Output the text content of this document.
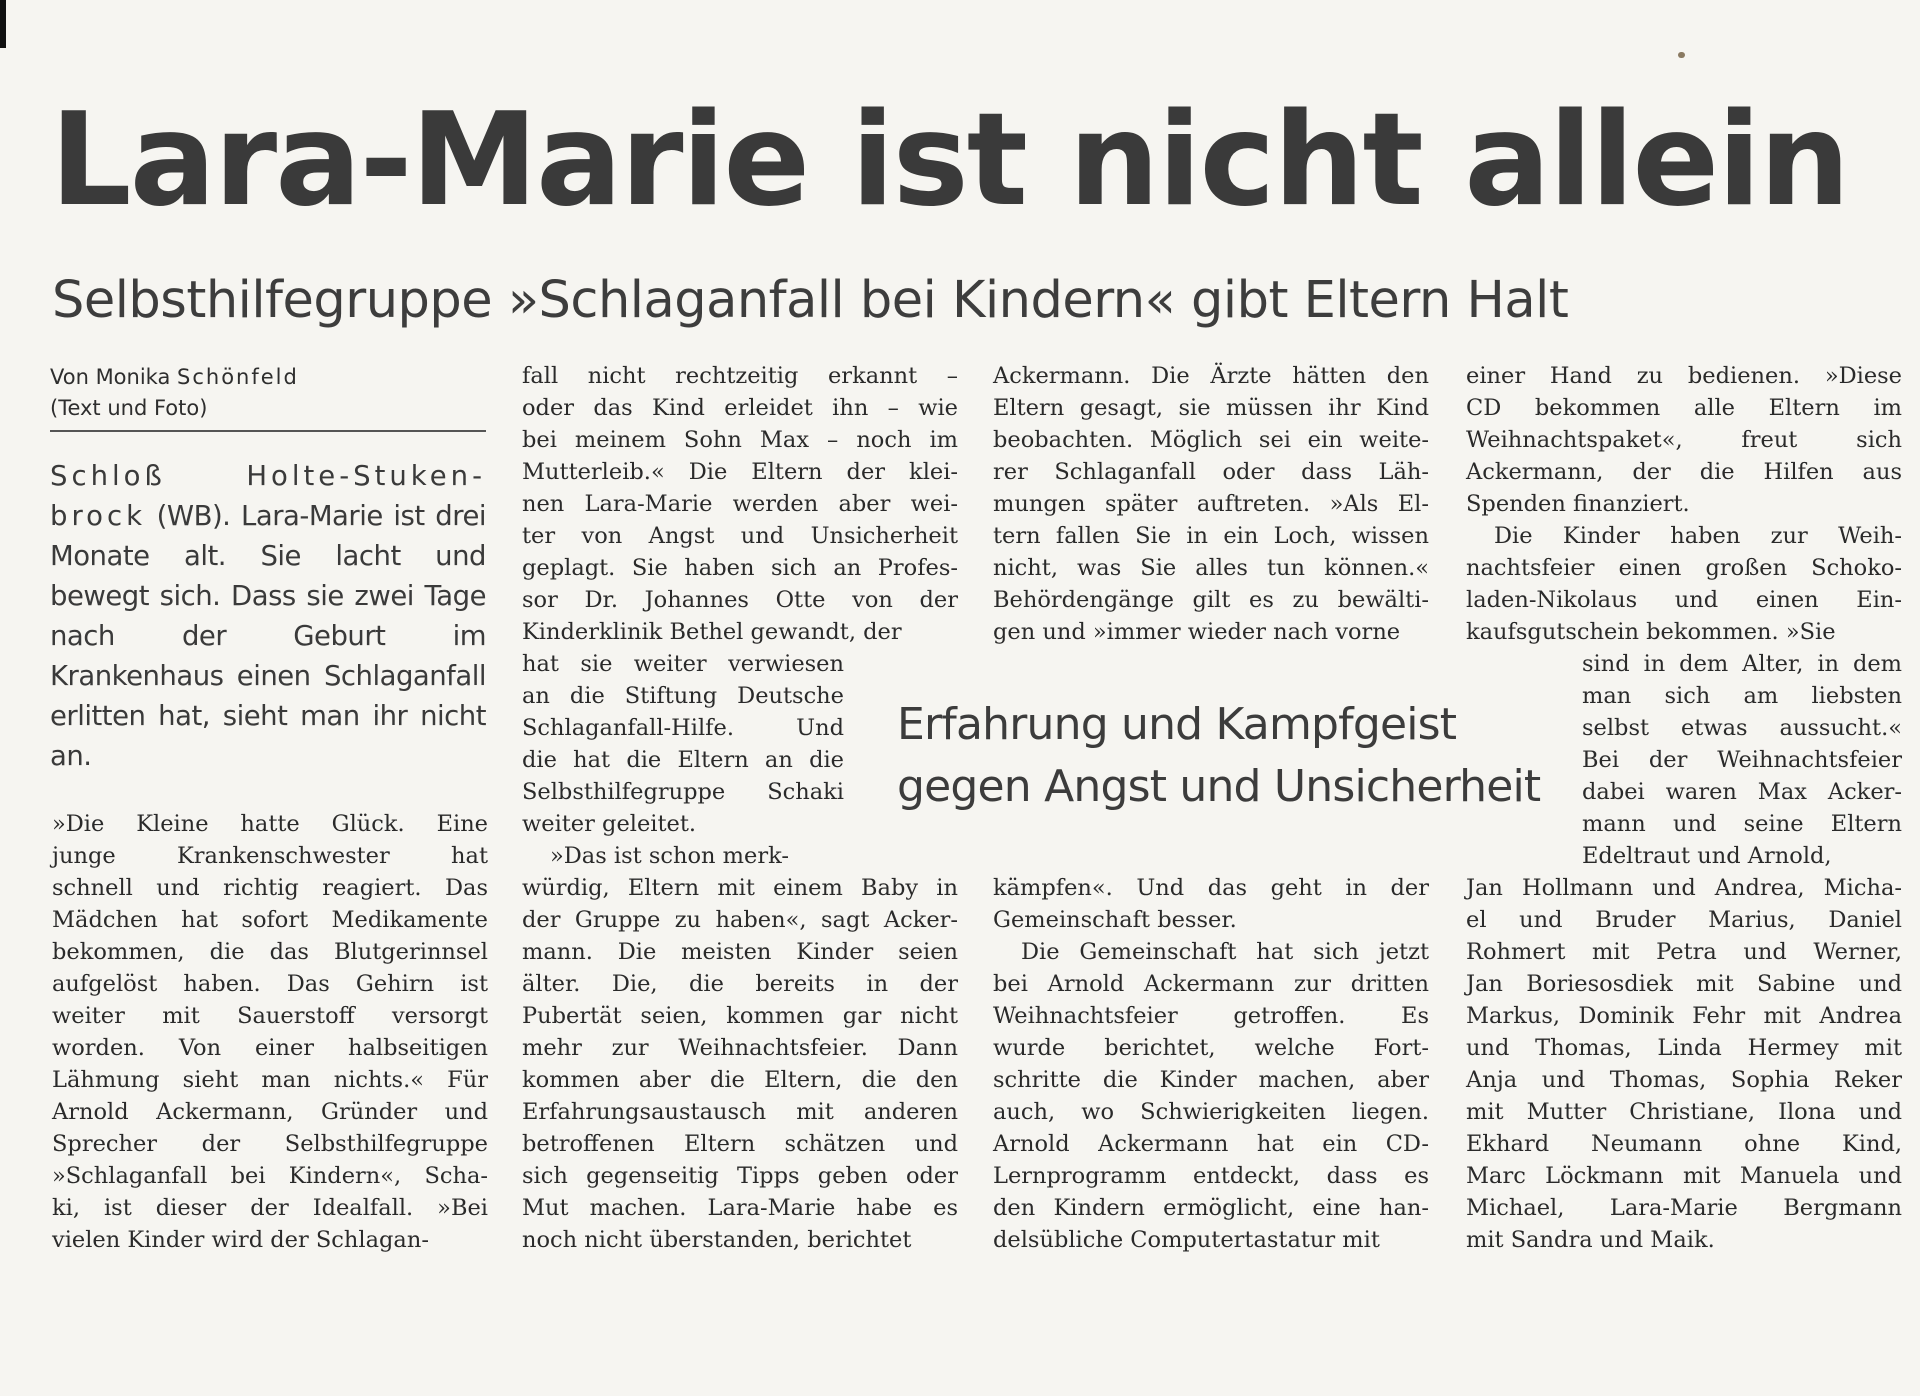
Lara-Marie ist nicht allein
Selbsthilfegruppe »Schlaganfall bei Kindern« gibt Eltern Halt
Von Monika Schönfeld
(Text und Foto)
Schloß Holte-Stuken-brock (WB). Lara-Marie ist drei Monate alt. Sie lacht und bewegt sich. Dass sie zwei Tage nach der Geburt im Krankenhaus einen Schlaganfall erlitten hat, sieht man ihr nicht an.
»Die Kleine hatte Glück. Eine
junge Krankenschwester hat
schnell und richtig reagiert. Das
Mädchen hat sofort Medikamente
bekommen, die das Blutgerinnsel
aufgelöst haben. Das Gehirn ist
weiter mit Sauerstoff versorgt
worden. Von einer halbseitigen
Lähmung sieht man nichts.« Für
Arnold Ackermann, Gründer und
Sprecher der Selbsthilfegruppe
»Schlaganfall bei Kindern«, Scha-
ki, ist dieser der Idealfall. »Bei
vielen Kinder wird der Schlagan-
fall nicht rechtzeitig erkannt –
oder das Kind erleidet ihn – wie
bei meinem Sohn Max – noch im
Mutterleib.« Die Eltern der klei-
nen Lara-Marie werden aber wei-
ter von Angst und Unsicherheit
geplagt. Sie haben sich an Profes-
sor Dr. Johannes Otte von der
Kinderklinik Bethel gewandt, der
hat sie weiter verwiesen
an die Stiftung Deutsche
Schlaganfall-Hilfe. Und
die hat die Eltern an die
Selbsthilfegruppe Schaki
weiter geleitet.
»Das ist schon merk-
würdig, Eltern mit einem Baby in
der Gruppe zu haben«, sagt Acker-
mann. Die meisten Kinder seien
älter. Die, die bereits in der
Pubertät seien, kommen gar nicht
mehr zur Weihnachtsfeier. Dann
kommen aber die Eltern, die den
Erfahrungsaustausch mit anderen
betroffenen Eltern schätzen und
sich gegenseitig Tipps geben oder
Mut machen. Lara-Marie habe es
noch nicht überstanden, berichtet
Ackermann. Die Ärzte hätten den
Eltern gesagt, sie müssen ihr Kind
beobachten. Möglich sei ein weite-
rer Schlaganfall oder dass Läh-
mungen später auftreten. »Als El-
tern fallen Sie in ein Loch, wissen
nicht, was Sie alles tun können.«
Behördengänge gilt es zu bewälti-
gen und »immer wieder nach vorne
Erfahrung und Kampfgeist gegen Angst und Unsicherheit
kämpfen«. Und das geht in der
Gemeinschaft besser.
Die Gemeinschaft hat sich jetzt
bei Arnold Ackermann zur dritten
Weihnachtsfeier getroffen. Es
wurde berichtet, welche Fort-
schritte die Kinder machen, aber
auch, wo Schwierigkeiten liegen.
Arnold Ackermann hat ein CD-
Lernprogramm entdeckt, dass es
den Kindern ermöglicht, eine han-
delsübliche Computertastatur mit
einer Hand zu bedienen. »Diese
CD bekommen alle Eltern im
Weihnachtspaket«, freut sich
Ackermann, der die Hilfen aus
Spenden finanziert.
Die Kinder haben zur Weih-
nachtsfeier einen großen Schoko-
laden-Nikolaus und einen Ein-
kaufsgutschein bekommen. »Sie
sind in dem Alter, in dem
man sich am liebsten
selbst etwas aussucht.«
Bei der Weihnachtsfeier
dabei waren Max Acker-
mann und seine Eltern
Edeltraut und Arnold,
Jan Hollmann und Andrea, Micha-
el und Bruder Marius, Daniel
Rohmert mit Petra und Werner,
Jan Boriesosdiek mit Sabine und
Markus, Dominik Fehr mit Andrea
und Thomas, Linda Hermey mit
Anja und Thomas, Sophia Reker
mit Mutter Christiane, Ilona und
Ekhard Neumann ohne Kind,
Marc Löckmann mit Manuela und
Michael, Lara-Marie Bergmann
mit Sandra und Maik.
